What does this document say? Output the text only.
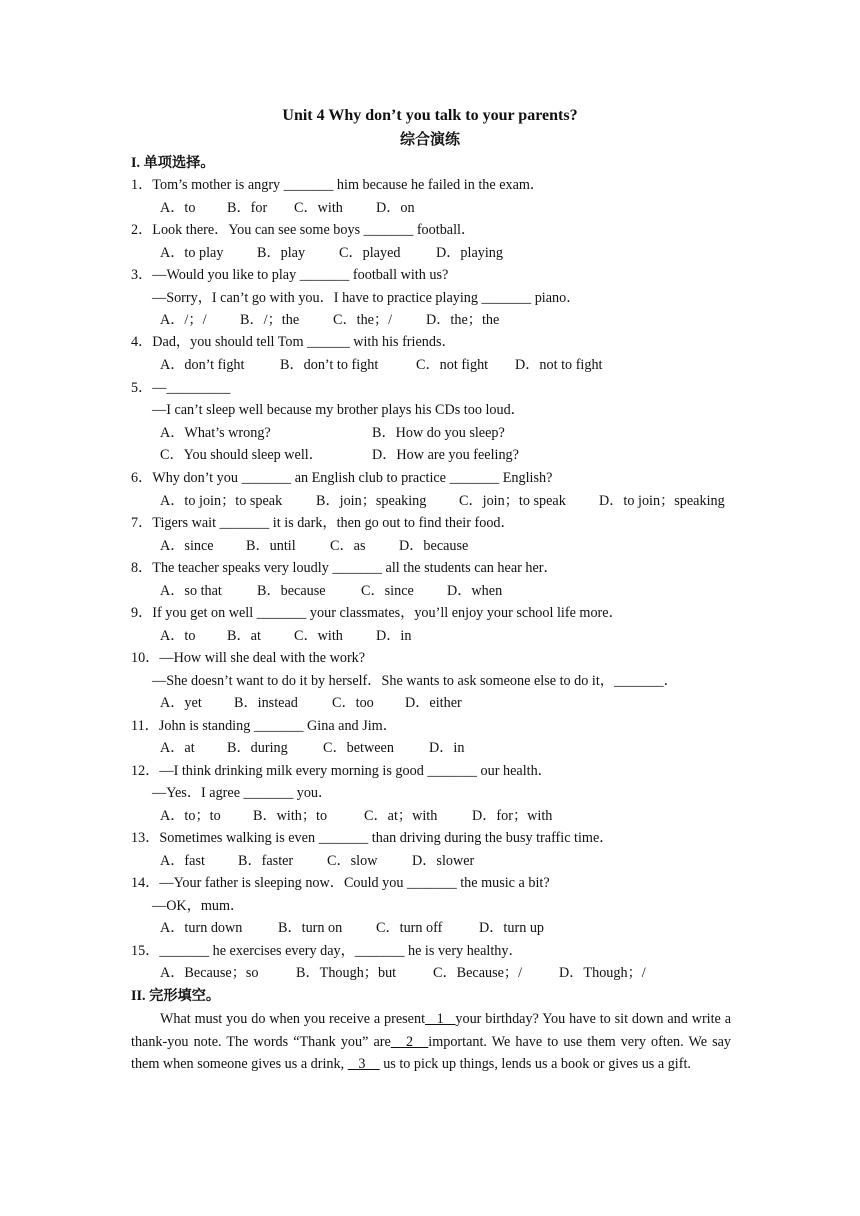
Unit 4 Why don’t you talk to your parents?
综合演练
I. 单项选择。
1．Tom’s mother is angry _______ him because he failed in the exam．
A．to B．for C．with D．on
2．Look there．You can see some boys _______ football．
A．to play B．play C．played	D．playing
3．—Would you like to play _______ football with us?
—Sorry，I can’t go with you．I have to practice playing _______ piano．
A．/；/ B．/；the C．the；/ D．the；the
4．Dad，you should tell Tom ______ with his friends．
A．don’t fight	B．don’t to fight	C．not fight D．not to fight
5．—_________
—I can’t sleep well because my brother plays his CDs too loud．
A．What’s wrong?	B．How do you sleep?
C．You should sleep well．	D．How are you feeling?
6．Why don’t you _______ an English club to practice _______ English?
A．to join；to speak B．join；speaking C．join；to speak D．to join；speaking
7．Tigers wait _______ it is dark，then go out to find their food．
A．since B．until C．as D．because
8．The teacher speaks very loudly _______ all the students can hear her．
A．so that B．because C．since D．when
9．If you get on well _______ your classmates，you’ll enjoy your school life more．
A．to B．at C．with D．in
10．—How will she deal with the work?
—She doesn’t want to do it by herself．She wants to ask someone else to do it，_______．
A．yet B．instead C．too D．either
11．John is standing _______ Gina and Jim．
A．at B．during C．between D．in
12．—I think drinking milk every morning is good _______ our health．
—Yes．I agree _______ you．
A．to；to B．with；to	C．at；with D．for；with
13．Sometimes walking is even _______ than driving during the busy traffic time．
A．fast B．faster C．slow D．slower
14．—Your father is sleeping now．Could you _______ the music a bit?
—OK，mum．
A．turn down	B．turn on C．turn off	D．turn up
15．_______ he exercises every day，_______ he is very healthy．
A．Because；so	B．Though；but	C．Because；/	D．Though；/
II. 完形填空。
What must you do when you receive a present   1   your birthday? You have to sit down and write a thank-you note. The words “Thank you” are   2   important. We have to use them very often. We say them when someone gives us a drink,    3     us to pick up things, lends us a book or gives us a gift.
